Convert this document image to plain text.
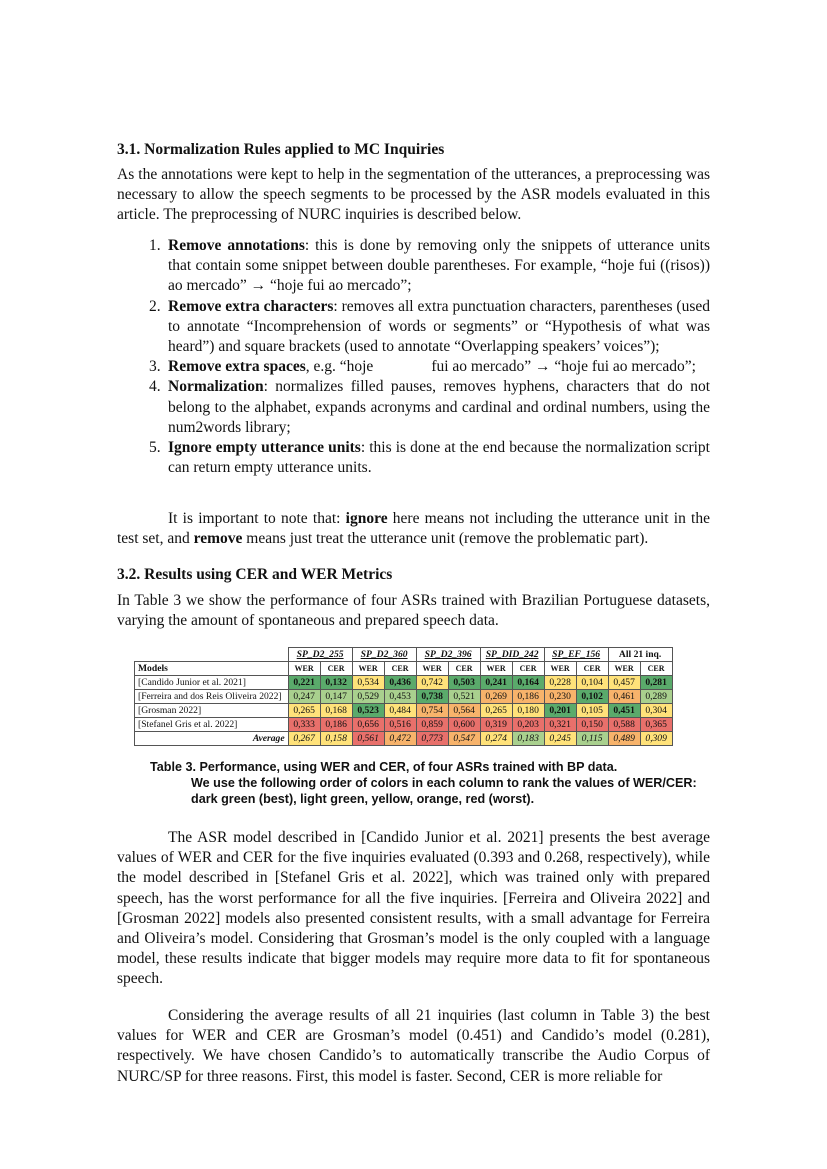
3.1. Normalization Rules applied to MC Inquiries

As the annotations were kept to help in the segmentation of the utterances, a preprocessing was necessary to allow the speech segments to be processed by the ASR models evaluated in this article. The preprocessing of NURC inquiries is described below.

1. Remove annotations: this is done by removing only the snippets of utterance units that contain some snippet between double parentheses. For example, “hoje fui ((risos)) ao mercado” → “hoje fui ao mercado”;
2. Remove extra characters: removes all extra punctuation characters, parentheses (used to annotate “Incomprehension of words or segments” or “Hypothesis of what was heard”) and square brackets (used to annotate “Overlapping speakers’ voices”);
3. Remove extra spaces, e.g. “hoje	fui ao mercado” → “hoje fui ao mercado”;
4. Normalization: normalizes filled pauses, removes hyphens, characters that do not belong to the alphabet, expands acronyms and cardinal and ordinal numbers, using the num2words library;
5. Ignore empty utterance units: this is done at the end because the normalization script can return empty utterance units.

It is important to note that: ignore here means not including the utterance unit in the test set, and remove means just treat the utterance unit (remove the problematic part).

3.2. Results using CER and WER Metrics

In Table 3 we show the performance of four ASRs trained with Brazilian Portuguese datasets, varying the amount of spontaneous and prepared speech data.

	SP_D2_255		SP_D2_360		SP_D2_396		SP_DID_242		SP_EF_156		All 21 inq.	
Models	WER	CER	WER	CER	WER	CER	WER	CER	WER	CER	WER	CER
[Candido Junior et al. 2021]	0,221	0,132	0,534	0,436	0,742	0,503	0,241	0,164	0,228	0,104	0,457	0,281
[Ferreira and dos Reis Oliveira 2022]	0,247	0,147	0,529	0,453	0,738	0,521	0,269	0,186	0,230	0,102	0,461	0,289
[Grosman 2022]	0,265	0,168	0,523	0,484	0,754	0,564	0,265	0,180	0,201	0,105	0,451	0,304
[Stefanel Gris et al. 2022]	0,333	0,186	0,656	0,516	0,859	0,600	0,319	0,203	0,321	0,150	0,588	0,365
Average	0,267	0,158	0,561	0,472	0,773	0,547	0,274	0,183	0,245	0,115	0,489	0,309
Table 3. Performance, using WER and CER, of four ASRs trained with BP data.
We use the following order of colors in each column to rank the values of WER/CER: dark green (best), light green, yellow, orange, red (worst).

The ASR model described in [Candido Junior et al. 2021] presents the best average values of WER and CER for the five inquiries evaluated (0.393 and 0.268, respectively), while the model described in [Stefanel Gris et al. 2022], which was trained only with prepared speech, has the worst performance for all the five inquiries. [Ferreira and Oliveira 2022] and [Grosman 2022] models also presented consistent results, with a small advantage for Ferreira and Oliveira’s model. Considering that Grosman’s model is the only coupled with a language model, these results indicate that bigger models may require more data to fit for spontaneous speech.

Considering the average results of all 21 inquiries (last column in Table 3) the best values for WER and CER are Grosman’s model (0.451) and Candido’s model (0.281), respectively. We have chosen Candido’s to automatically transcribe the Audio Corpus of NURC/SP for three reasons. First, this model is faster. Second, CER is more reliable for
